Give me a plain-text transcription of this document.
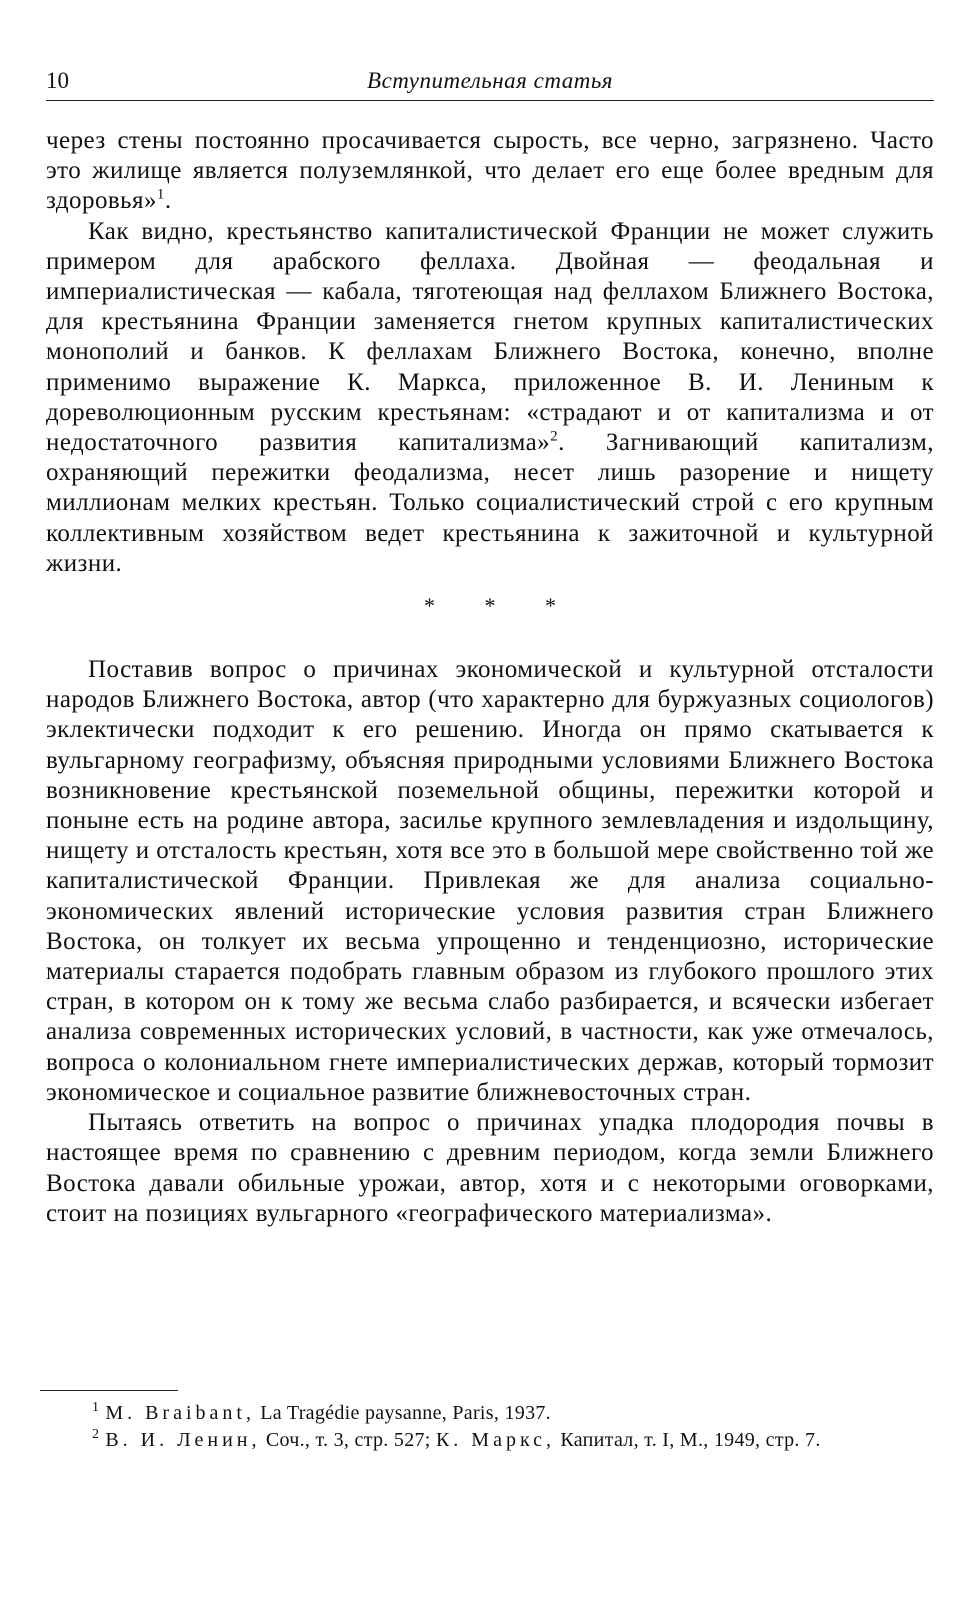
10	Вступительная статья

через стены постоянно просачивается сырость, все черно, загрязнено. Часто это жилище является полуземлянкой, что делает его еще более вредным для здоровья»$^1$.

Как видно, крестьянство капиталистической Франции не может служить примером для арабского феллаха. Двойная — феодальная и империалистическая — кабала, тяготеющая над феллахом Ближнего Востока, для крестьянина Франции заменяется гнетом крупных капиталистических монополий и банков. К феллахам Ближнего Востока, конечно, вполне применимо выражение К. Маркса, приложенное В. И. Лениным к дореволюционным русским крестьянам: «страдают и от капитализма и от недостаточного развития капитализма»$^2$. Загнивающий капитализм, охраняющий пережитки феодализма, несет лишь разорение и нищету миллионам мелких крестьян. Только социалистический строй с его крупным коллективным хозяйством ведет крестьянина к зажиточной и культурной жизни.

* * *

Поставив вопрос о причинах экономической и культурной отсталости народов Ближнего Востока, автор (что характерно для буржуазных социологов) эклектически подходит к его решению. Иногда он прямо скатывается к вульгарному географизму, объясняя природными условиями Ближнего Востока возникновение крестьянской поземельной общины, пережитки которой и поныне есть на родине автора, засилье крупного землевладения и издольщину, нищету и отсталость крестьян, хотя все это в большой мере свойственно той же капиталистической Франции. Привлекая же для анализа социально-экономических явлений исторические условия развития стран Ближнего Востока, он толкует их весьма упрощенно и тенденциозно, исторические материалы старается подобрать главным образом из глубокого прошлого этих стран, в котором он к тому же весьма слабо разбирается, и всячески избегает анализа современных исторических условий, в частности, как уже отмечалось, вопроса о колониальном гнете империалистических держав, который тормозит экономическое и социальное развитие ближневосточных стран.

Пытаясь ответить на вопрос о причинах упадка плодородия почвы в настоящее время по сравнению с древним периодом, когда земли Ближнего Востока давали обильные урожаи, автор, хотя и с некоторыми оговорками, стоит на позициях вульгарного «географического материализма».

$^1$ M. Braibant, La Tragédie paysanne, Paris, 1937.

$^2$ В. И. Ленин, Соч., т. 3, стр. 527; К. Маркс, Капитал, т. I, М., 1949, стр. 7.
